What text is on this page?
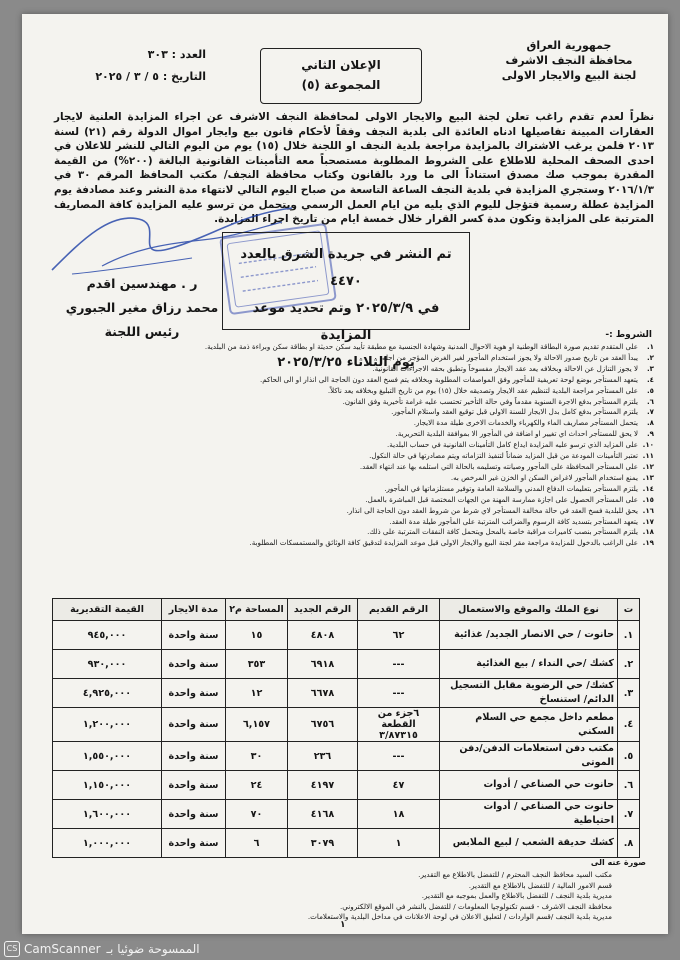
جمهورية العراق
محافظة النجف الاشرف
لجنة البيع والايجار الاولى
الإعلان الثاني
المجموعة (٥)
العدد : ٣٠٣
التاريخ : ٥ / ٣ / ٢٠٢٥

نظراً لعدم تقدم راغب تعلن لجنة البيع والايجار الاولى لمحافظة النجف الاشرف عن اجراء المزايدة العلنية لايجار العقارات المبينة تفاصيلها ادناه العائدة الى بلدية النجف وفقاً لأحكام قانون بيع وايجار اموال الدولة رقم (٢١) لسنة ٢٠١٣ فلمن يرغب الاشتراك بالمزايدة مراجعة بلدية النجف او اللجنة خلال (١٥) يوم من اليوم التالي للنشر للاعلان في احدى الصحف المحلية للاطلاع على الشروط المطلوبة مستصحباً معه التأمينات القانونية البالغة (٢٠٠%) من القيمة المقدرة بموجب صك مصدق استناداً الى ما ورد بالقانون وكتاب محافظة النجف/ مكتب المحافظ المرقم ٣٠ في ٢٠١٦/١/٣ وستجري المزايدة في بلدية النجف الساعة التاسعة من صباح اليوم التالي لانتهاء مدة النشر وعند مصادفة يوم المزايدة عطلة رسمية فتؤجل لليوم الذي يليه من ايام العمل الرسمي ويتحمل من ترسو عليه المزايدة كافة المصاريف المترتبة على المزايدة وتكون مدة كسر القرار خلال خمسة ايام من تاريخ اجراء المزايدة.

تم النشر في جريدة الشرق بالعدد ٤٤٧٠
في ٢٠٢٥/٣/٩ وتم تحديد موعد المزايدة
يوم الثلاثاء ٢٠٢٥/٣/٢٥
ر . مهندسين اقدم
محمد رزاق مغير الجبوري
رئيس اللجنة	الشروط :-
١.
على المتقدم تقديم صورة البطاقة الوطنية او هوية الاحوال المدنية وشهادة الجنسية مع مطبقة تأييد سكن حديثة او بطاقة سكن وبراءة ذمة من البلدية.
٢.
يبدأ العقد من تاريخ صدور الاحالة ولا يجوز استخدام المأجور لغير الغرض المؤجر من اجله.
٣.
لا يجوز التنازل عن الاحالة وبخلافه يعد عقد الايجار مفسوخاً وتطبق بحقه الاجراءات القانونية.
٤.
يتعهد المستأجر بوضع لوحة تعريفية للمأجور وفق المواصفات المطلوبة وبخلافه يتم فسخ العقد دون الحاجة الى انذار او الى الحاكم.
٥.
على المستأجر مراجعة البلدية لتنظيم عقد الايجار وتصديقه خلال (١٥) يوم من تاريخ التبليغ وبخلافه يعد ناكلاً.
٦.
يلتزم المستأجر بدفع الاجرة السنوية مقدماً وفي حالة التأخير تحتسب عليه غرامة تأخيرية وفق القانون.
٧.
يلتزم المستأجر بدفع كامل بدل الايجار للسنة الاولى قبل توقيع العقد واستلام المأجور.
٨.
يتحمل المستأجر مصاريف الماء والكهرباء والخدمات الاخرى طيلة مدة الايجار.
٩.
لا يحق للمستأجر احداث اي تغيير او اضافة في المأجور الا بموافقة البلدية التحريرية.
١٠.
على المزايد الذي ترسو عليه المزايدة ايداع كامل التأمينات القانونية في حساب البلدية.
١١.
تعتبر التأمينات المودعة من قبل المزايد ضماناً لتنفيذ التزاماته ويتم مصادرتها في حالة النكول.
١٢.
على المستأجر المحافظة على المأجور وصيانته وتسليمه بالحالة التي استلمه بها عند انتهاء العقد.
١٣.
يمنع استخدام المأجور لاغراض السكن او الخزن غير المرخص به.
١٤.
يلتزم المستأجر بتعليمات الدفاع المدني والسلامة العامة وتوفير مستلزماتها في المأجور.
١٥.
على المستأجر الحصول على اجازة ممارسة المهنة من الجهات المختصة قبل المباشرة بالعمل.
١٦.
يحق للبلدية فسخ العقد في حالة مخالفة المستأجر لاي شرط من شروط العقد دون الحاجة الى انذار.
١٧.
يتعهد المستأجر بتسديد كافة الرسوم والضرائب المترتبة على المأجور طيلة مدة العقد.
١٨.
يلتزم المستأجر بنصب كاميرات مراقبة خاصة بالمحل ويتحمل كافة النفقات المترتبة على ذلك.
١٩.
على الراغب بالدخول للمزايدة مراجعة مقر لجنة البيع والايجار الاولى قبل موعد المزايدة لتدقيق كافة الوثائق والمستمسكات المطلوبة.
ت	نوع الملك والموقع والاستعمال	الرقم القديم	الرقم الجديد	المساحة م٢	مدة الايجار	القيمة التقديرية
١.	حانوت / حي الانصار الجديد/ غذائية	٦٢	٤٨٠٨	١٥	سنة واحدة	٩٤٥,٠٠٠
٢.	كشك /حي النداء / بيع الغذائية	---	٦٩١٨	٣٥٣	سنة واحدة	٩٣٠,٠٠٠
٣.	كشك/ حي الرضوية مقابل التسجيل الدائم/ استنساخ	---	٦٦٧٨	١٢	سنة واحدة	٤,٩٢٥,٠٠٠
٤.	مطعم داخل مجمع حي السلام السكني	٦جزء من القطعة ٣/٨٧٣١٥	٦٧٥٦	٦,١٥٧	سنة واحدة	١,٢٠٠,٠٠٠
٥.	مكتب دفن استعلامات الدفن/دفن الموتى	---	٢٣٦	٣٠	سنة واحدة	١,٥٥٠,٠٠٠
٦.	حانوت حي الصناعي / أدوات	٤٧	٤١٩٧	٢٤	سنة واحدة	١,١٥٠,٠٠٠
٧.	حانوت حي الصناعي / أدوات احتياطية	١٨	٤١٦٨	٧٠	سنة واحدة	١,٦٠٠,٠٠٠
٨.	كشك حديقة الشعب / لبيع الملابس	١	٣٠٧٩	٦	سنة واحدة	١,٠٠٠,٠٠٠
صورة عنه الى
مكتب السيد محافظ النجف المحترم / للتفضل بالاطلاع مع التقدير.
قسم الامور المالية / للتفضل بالاطلاع مع التقدير.
مديرية بلدية النجف / للتفضل بالاطلاع والعمل بموجبه مع التقدير.
محافظة النجف الاشرف - قسم تكنولوجيا المعلومات / للتفضل بالنشر في الموقع الالكتروني.
مديرية بلدية النجف /قسم الواردات / لتعليق الاعلان في لوحة الاعلانات في مداخل البلدية والاستعلامات.
١
CS CamScanner الممسوحة ضوئيا بـ
